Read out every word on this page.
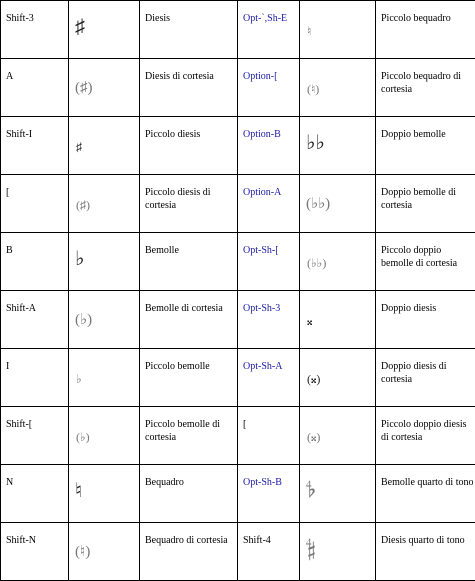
Shift-3	♯	Diesis	Opt-`,Sh-E	♮	Piccolo bequadro

A	(♯)	Diesis di cortesia	Option-[	(♮)	Piccolo bequadro di cortesia

Shift-I	♯	Piccolo diesis	Option-B	♭♭	Doppio bemolle

[	(♯)	Piccolo diesis di cortesia	Option-A	(♭♭)	Doppio bemolle di cortesia

B	♭	Bemolle	Opt-Sh-[	(♭♭)	Piccolo doppio bemolle di cortesia

Shift-A	(♭)	Bemolle di cortesia	Opt-Sh-3	𝄪	Doppio diesis

I	♭	Piccolo bemolle	Opt-Sh-A	(𝄪)	Doppio diesis di cortesia

Shift-[	(♭)	Piccolo bemolle di cortesia	[	(𝄪)	Piccolo doppio diesis di cortesia

N	♮	Bequadro	Opt-Sh-B	𝄳	Bemolle quarto di tono

Shift-N	(♮)	Bequadro di cortesia	Shift-4	𝄲	Diesis quarto di tono
